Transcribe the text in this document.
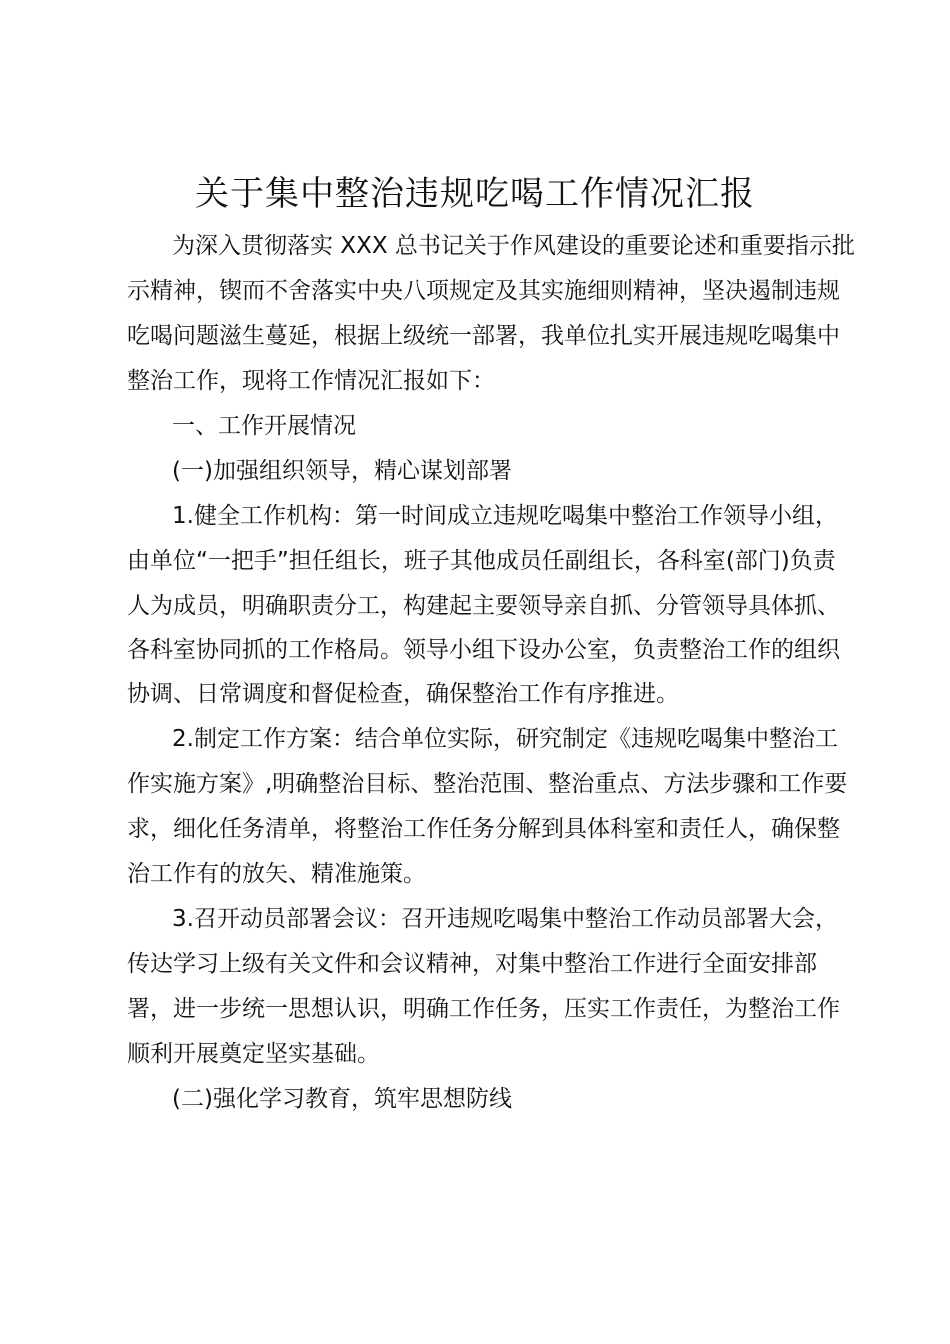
关于集中整治违规吃喝工作情况汇报
为深入贯彻落实 XXX 总书记关于作风建设的重要论述和重要指示批
示精神，锲而不舍落实中央八项规定及其实施细则精神，坚决遏制违规
吃喝问题滋生蔓延，根据上级统一部署，我单位扎实开展违规吃喝集中
整治工作，现将工作情况汇报如下：
一、工作开展情况
(一)加强组织领导，精心谋划部署
1.健全工作机构：第一时间成立违规吃喝集中整治工作领导小组，
由单位“一把手”担任组长，班子其他成员任副组长，各科室(部门)负责
人为成员，明确职责分工，构建起主要领导亲自抓、分管领导具体抓、
各科室协同抓的工作格局。领导小组下设办公室，负责整治工作的组织
协调、日常调度和督促检查，确保整治工作有序推进。
2.制定工作方案：结合单位实际，研究制定《违规吃喝集中整治工
作实施方案》,明确整治目标、整治范围、整治重点、方法步骤和工作要
求，细化任务清单，将整治工作任务分解到具体科室和责任人，确保整
治工作有的放矢、精准施策。
3.召开动员部署会议：召开违规吃喝集中整治工作动员部署大会，
传达学习上级有关文件和会议精神，对集中整治工作进行全面安排部
署，进一步统一思想认识，明确工作任务，压实工作责任，为整治工作
顺利开展奠定坚实基础。
(二)强化学习教育，筑牢思想防线
